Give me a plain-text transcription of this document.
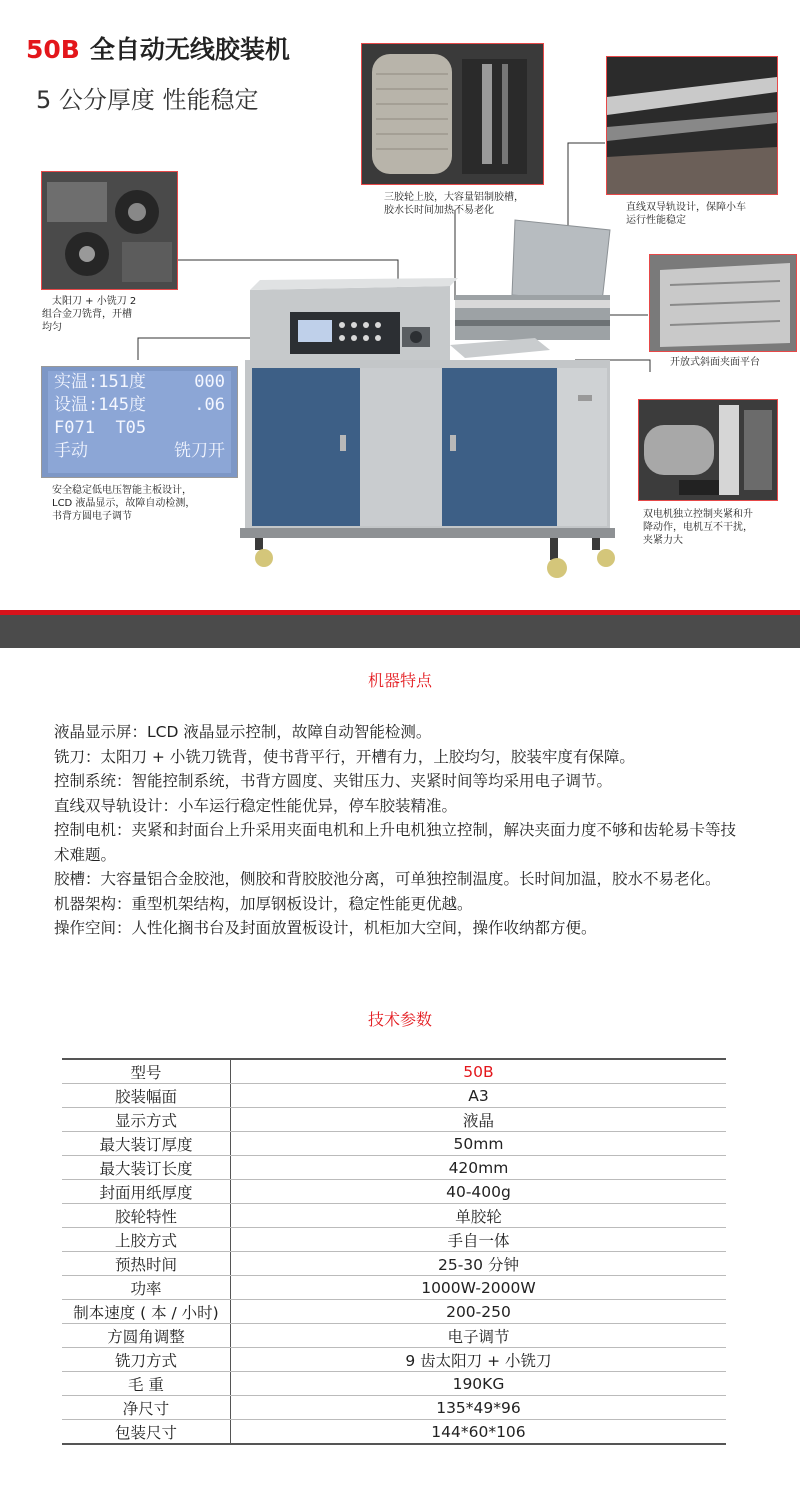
50B 全自动无线胶装机
5 公分厚度 性能稳定
三胶轮上胶，大容量铝制胶槽，
胶水长时间加热不易老化	直线双导轨设计，保障小车
运行性能稳定
太阳刀 + 小铣刀 2
组合金刀铣背，开槽
均匀
开放式斜面夹面平台
实温:151度	000
设温:145度	.06
F071 T05
手动	铣刀开
安全稳定低电压智能主板设计，
LCD 液晶显示，故障自动检测，
书背方圆电子调节	双电机独立控制夹紧和升
降动作，电机互不干扰，
夹紧力大
机器特点

液晶显示屏：LCD 液晶显示控制，故障自动智能检测。

铣刀：太阳刀 + 小铣刀铣背，使书背平行，开槽有力，上胶均匀，胶装牢度有保障。

控制系统：智能控制系统，书背方圆度、夹钳压力、夹紧时间等均采用电子调节。

直线双导轨设计：小车运行稳定性能优异，停车胶装精准。

控制电机：夹紧和封面台上升采用夹面电机和上升电机独立控制，解决夹面力度不够和齿轮易卡等技术难题。

胶槽：大容量铝合金胶池，侧胶和背胶胶池分离，可单独控制温度。长时间加温，胶水不易老化。

机器架构：重型机架结构，加厚钢板设计，稳定性能更优越。

操作空间：人性化搁书台及封面放置板设计，机柜加大空间，操作收纳都方便。

技术参数
型号	50B
胶装幅面	A3
显示方式	液晶
最大装订厚度	50mm
最大装订长度	420mm
封面用纸厚度	40-400g
胶轮特性	单胶轮
上胶方式	手自一体
预热时间	25-30 分钟
功率	1000W-2000W
制本速度 ( 本 / 小时)	200-250
方圆角调整	电子调节
铣刀方式	9 齿太阳刀 + 小铣刀
毛 重	190KG
净尺寸	135*49*96
包装尺寸	144*60*106
